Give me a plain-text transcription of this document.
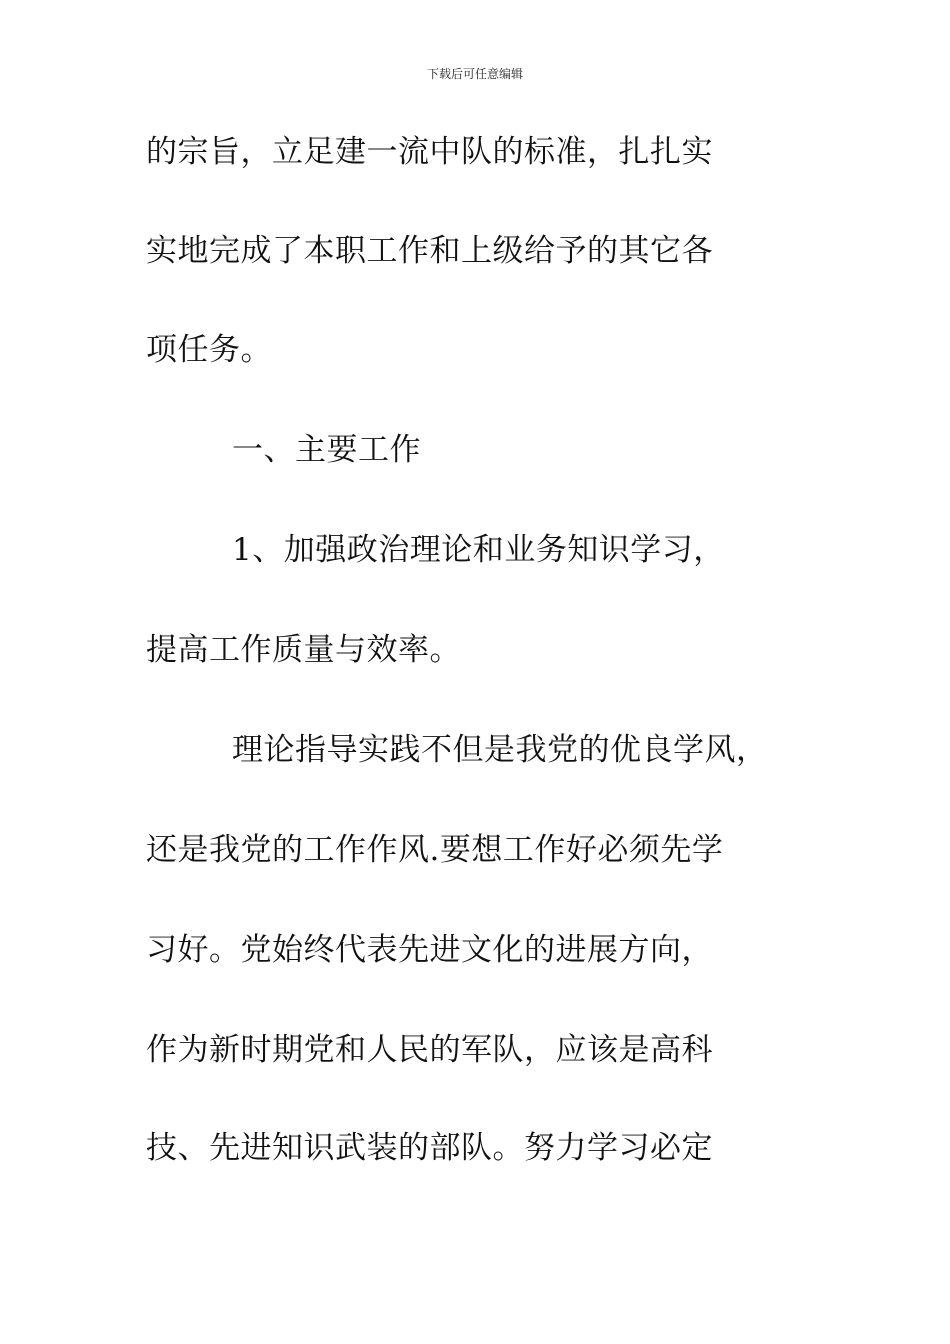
下载后可任意编辑
的宗旨，立足建一流中队的标准，扎扎实
实地完成了本职工作和上级给予的其它各
项任务。
一、主要工作
1、加强政治理论和业务知识学习，
提高工作质量与效率。
理论指导实践不但是我党的优良学风，
还是我党的工作作风.要想工作好必须先学
习好。党始终代表先进文化的进展方向，
作为新时期党和人民的军队，应该是高科
技、先进知识武装的部队。努力学习必定
